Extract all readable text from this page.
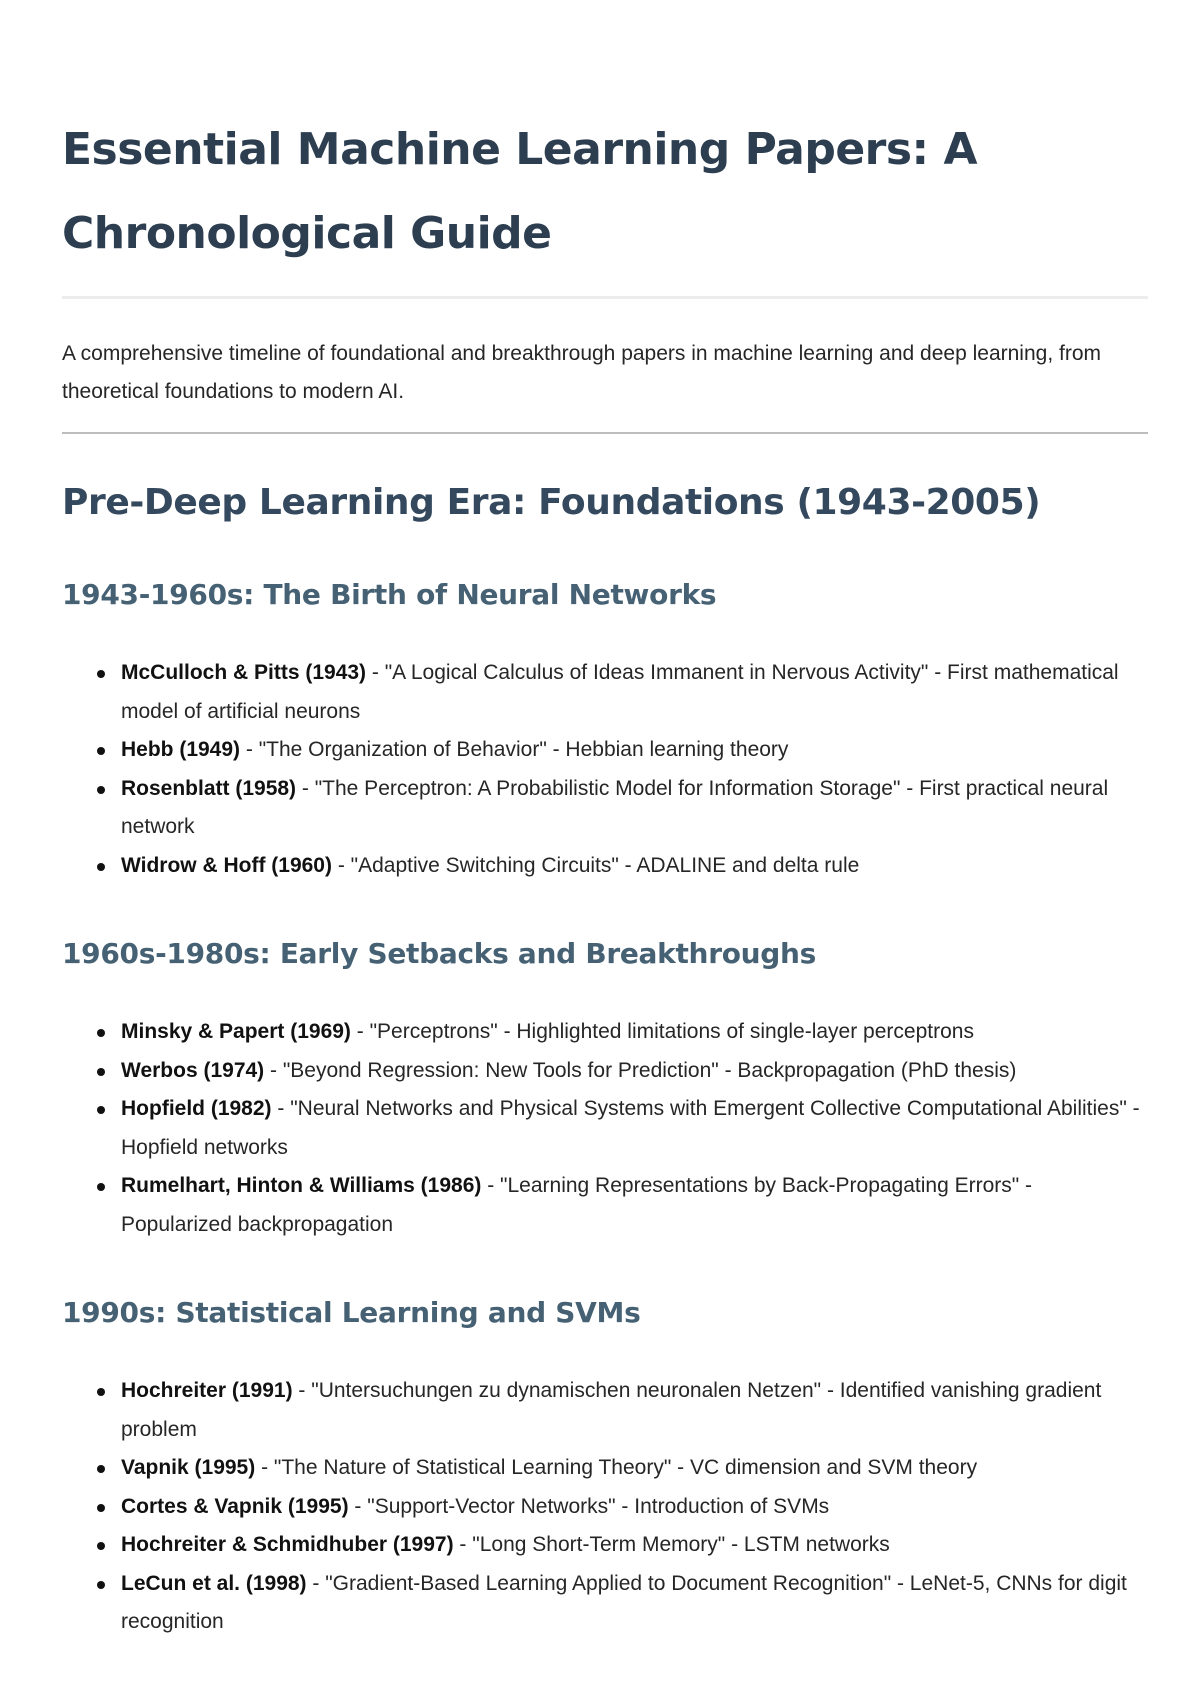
Essential Machine Learning Papers: A Chronological Guide

A comprehensive timeline of foundational and breakthrough papers in machine learning and deep learning, from theoretical foundations to modern AI.

Pre-Deep Learning Era: Foundations (1943-2005)
1943-1960s: The Birth of Neural Networks
McCulloch & Pitts (1943) - "A Logical Calculus of Ideas Immanent in Nervous Activity" - First mathematical model of artificial neurons
Hebb (1949) - "The Organization of Behavior" - Hebbian learning theory
Rosenblatt (1958) - "The Perceptron: A Probabilistic Model for Information Storage" - First practical neural network
Widrow & Hoff (1960) - "Adaptive Switching Circuits" - ADALINE and delta rule
1960s-1980s: Early Setbacks and Breakthroughs
Minsky & Papert (1969) - "Perceptrons" - Highlighted limitations of single-layer perceptrons
Werbos (1974) - "Beyond Regression: New Tools for Prediction" - Backpropagation (PhD thesis)
Hopfield (1982) - "Neural Networks and Physical Systems with Emergent Collective Computational Abilities" - Hopfield networks
Rumelhart, Hinton & Williams (1986) - "Learning Representations by Back-Propagating Errors" - Popularized backpropagation
1990s: Statistical Learning and SVMs
Hochreiter (1991) - "Untersuchungen zu dynamischen neuronalen Netzen" - Identified vanishing gradient problem
Vapnik (1995) - "The Nature of Statistical Learning Theory" - VC dimension and SVM theory
Cortes & Vapnik (1995) - "Support-Vector Networks" - Introduction of SVMs
Hochreiter & Schmidhuber (1997) - "Long Short-Term Memory" - LSTM networks
LeCun et al. (1998) - "Gradient-Based Learning Applied to Document Recognition" - LeNet-5, CNNs for digit recognition
